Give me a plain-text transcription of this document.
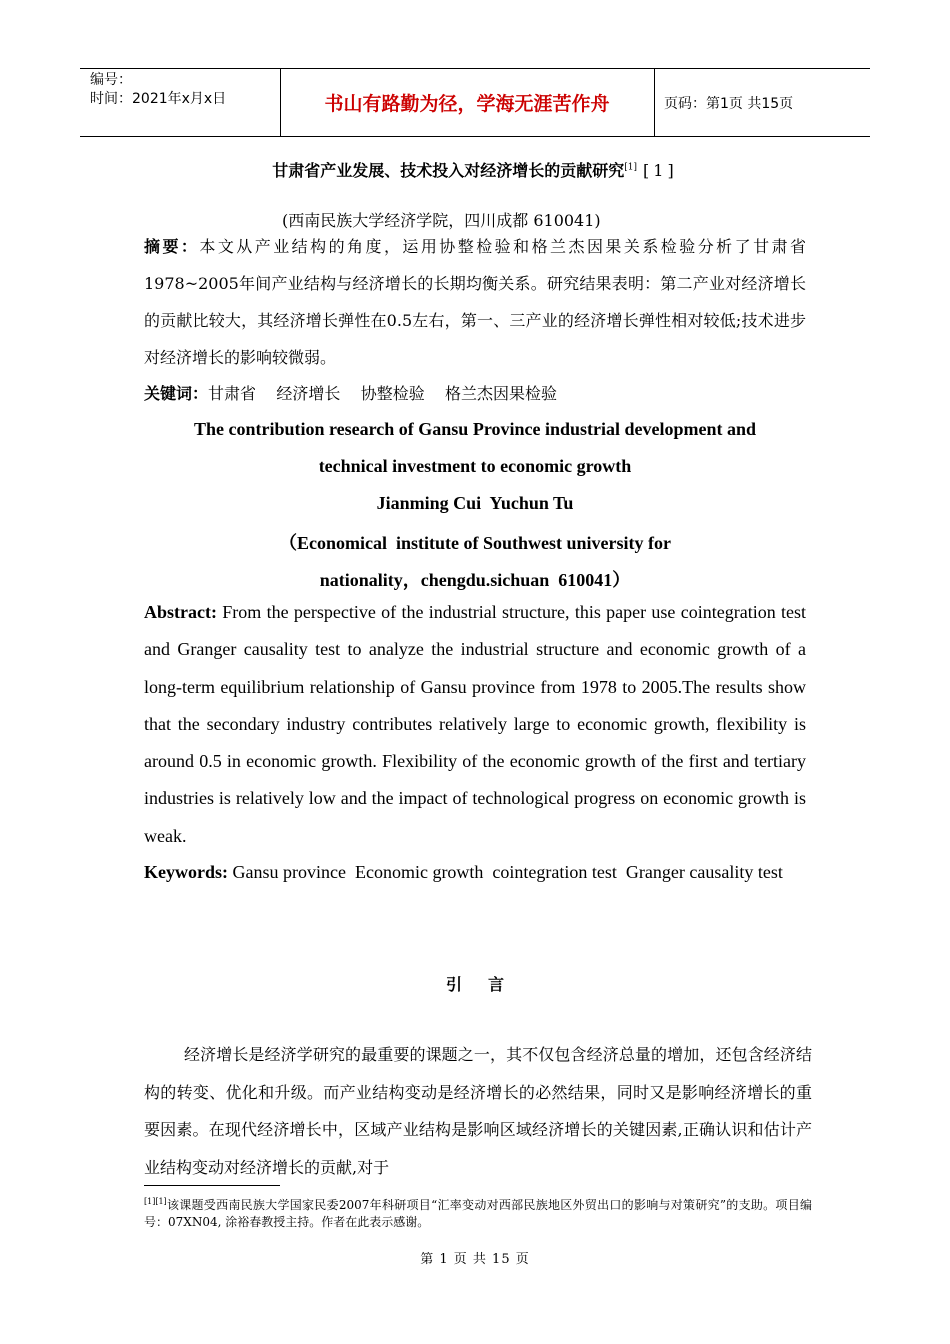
编号：
时间：2021年x月x日	书山有路勤为径，学海无涯苦作舟	页码：第1页 共15页
甘肃省产业发展、技术投入对经济增长的贡献研究[1] [1]
(西南民族大学经济学院，四川成都 610041)
摘要：本文从产业结构的角度，运用协整检验和格兰杰因果关系检验分析了甘肃省1978~2005年间产业结构与经济增长的长期均衡关系。研究结果表明：第二产业对经济增长的贡献比较大，其经济增长弹性在0.5左右，第一、三产业的经济增长弹性相对较低;技术进步对经济增长的影响较微弱。
关键词：甘肃省    经济增长    协整检验    格兰杰因果检验
The contribution research of Gansu Province industrial development and
technical investment to economic growth
Jianming Cui  Yuchun Tu
（Economical  institute of Southwest university for
nationality，chengdu.sichuan  610041）
Abstract: From the perspective of the industrial structure, this paper use cointegration test and Granger causality test to analyze the industrial structure and economic growth of a long-term equilibrium relationship of Gansu province from 1978 to 2005.The results show that the secondary industry contributes relatively large to economic growth, flexibility is around 0.5 in economic growth. Flexibility of the economic growth of the first and tertiary industries is relatively low and the impact of technological progress on economic growth is weak.
Keywords: Gansu province  Economic growth  cointegration test  Granger causality test
引言
经济增长是经济学研究的最重要的课题之一，其不仅包含经济总量的增加，还包含经济结构的转变、优化和升级。而产业结构变动是经济增长的必然结果，同时又是影响经济增长的重要因素。在现代经济增长中，区域产业结构是影响区域经济增长的关键因素,正确认识和估计产业结构变动对经济增长的贡献,对于
[1][1]该课题受西南民族大学国家民委2007年科研项目“汇率变动对西部民族地区外贸出口的影响与对策研究”的支助。项目编号：07XN04, 涂裕春教授主持。作者在此表示感谢。
第 1 页 共 15 页
